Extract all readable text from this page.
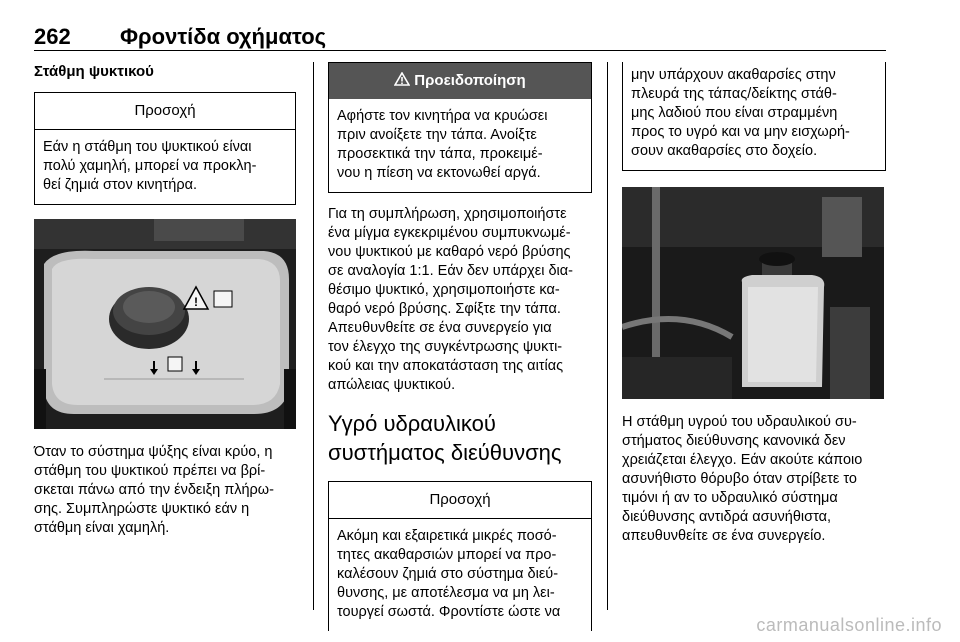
262 Φροντίδα οχήματος
Στάθμη ψυκτικού
Προσοχή
Εάν η στάθμη του ψυκτικού είναι
πολύ χαμηλή, μπορεί να προκλη-
θεί ζημιά στον κινητήρα.
!

Όταν το σύστημα ψύξης είναι κρύο, η

στάθμη του ψυκτικού πρέπει να βρί-

σκεται πάνω από την ένδειξη πλήρω-

σης. Συμπληρώστε ψυκτικό εάν η

στάθμη είναι χαμηλή.

Προειδοποίηση
Αφήστε τον κινητήρα να κρυώσει
πριν ανοίξετε την τάπα. Ανοίξτε
προσεκτικά την τάπα, προκειμέ-
νου η πίεση να εκτονωθεί αργά.

Για τη συμπλήρωση, χρησιμοποιήστε

ένα μίγμα εγκεκριμένου συμπυκνωμέ-

νου ψυκτικού με καθαρό νερό βρύσης

σε αναλογία 1:1. Εάν δεν υπάρχει δια-

θέσιμο ψυκτικό, χρησιμοποιήστε κα-

θαρό νερό βρύσης. Σφίξτε την τάπα.

Απευθυνθείτε σε ένα συνεργείο για

τον έλεγχο της συγκέντρωσης ψυκτι-

κού και την αποκατάσταση της αιτίας

απώλειας ψυκτικού.

Υγρό υδραυλικού
συστήματος διεύθυνσης
Προσοχή
Ακόμη και εξαιρετικά μικρές ποσό-
τητες ακαθαρσιών μπορεί να προ-
καλέσουν ζημιά στο σύστημα διεύ-
θυνσης, με αποτέλεσμα να μη λει-
τουργεί σωστά. Φροντίστε ώστε να
μην υπάρχουν ακαθαρσίες στην
πλευρά της τάπας/δείκτης στάθ-
μης λαδιού που είναι στραμμένη
προς το υγρό και να μην εισχωρή-
σουν ακαθαρσίες στο δοχείο.

Η στάθμη υγρού του υδραυλικού συ-

στήματος διεύθυνσης κανονικά δεν

χρειάζεται έλεγχο. Εάν ακούτε κάποιο

ασυνήθιστο θόρυβο όταν στρίβετε το

τιμόνι ή αν το υδραυλικό σύστημα

διεύθυνσης αντιδρά ασυνήθιστα,

απευθυνθείτε σε ένα συνεργείο.

carmanualsonline.info
